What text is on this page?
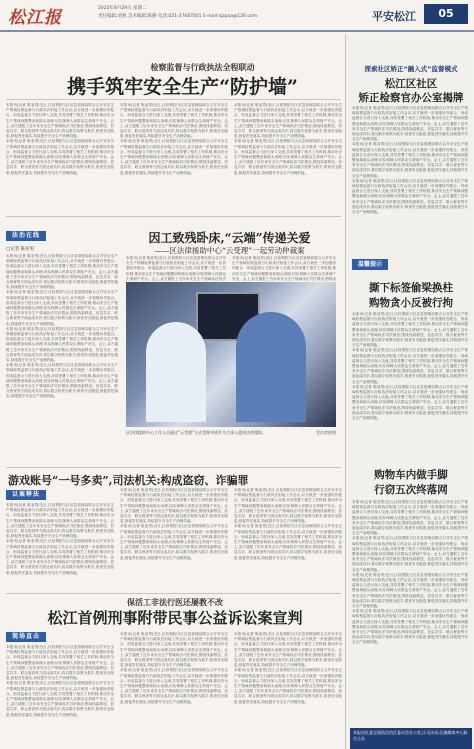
松江报	2023年8月29日 星期二
责任编辑:刘燕 美术编辑:陈静 电话:021-37687001 E-mail:sjzpaa@126.com	平安松江	05
检察监督与行政执法全程联动
携手筑牢安全生产“防护墙”
本报讯(记者 陈亚男)近日,区检察院与区应急管理局联合召开安全生产领域检察监督与行政执法衔接工作会议,双方就进一步加强协作配合、形成监督合力进行深入交流,共同签署了相关工作机制,推动安全生产领域问题整治和源头治理,切实保障人民群众生命财产安全。会上,双方通报了近年来安全生产领域执法司法情况,围绕线索移送、信息共享、联合督查等方面达成共识,将以数字检察为抓手,排查安全隐患,督促责任落实,持续提升安全生产治理效能。
本报讯(记者 陈亚男)近日,区检察院与区应急管理局联合召开安全生产领域检察监督与行政执法衔接工作会议,双方就进一步加强协作配合、形成监督合力进行深入交流,共同签署了相关工作机制,推动安全生产领域问题整治和源头治理,切实保障人民群众生命财产安全。会上,双方通报了近年来安全生产领域执法司法情况,围绕线索移送、信息共享、联合督查等方面达成共识,将以数字检察为抓手,排查安全隐患,督促责任落实,持续提升安全生产治理效能。
本报讯(记者 陈亚男)近日,区检察院与区应急管理局联合召开安全生产领域检察监督与行政执法衔接工作会议,双方就进一步加强协作配合、形成监督合力进行深入交流,共同签署了相关工作机制,推动安全生产领域问题整治和源头治理,切实保障人民群众生命财产安全。会上,双方通报了近年来安全生产领域执法司法情况,围绕线索移送、信息共享、联合督查等方面达成共识,将以数字检察为抓手,排查安全隐患,督促责任落实,持续提升安全生产治理效能。
本报讯(记者 陈亚男)近日,区检察院与区应急管理局联合召开安全生产领域检察监督与行政执法衔接工作会议,双方就进一步加强协作配合、形成监督合力进行深入交流,共同签署了相关工作机制,推动安全生产领域问题整治和源头治理,切实保障人民群众生命财产安全。会上,双方通报了近年来安全生产领域执法司法情况,围绕线索移送、信息共享、联合督查等方面达成共识,将以数字检察为抓手,排查安全隐患,督促责任落实,持续提升安全生产治理效能。
本报讯(记者 陈亚男)近日,区检察院与区应急管理局联合召开安全生产领域检察监督与行政执法衔接工作会议,双方就进一步加强协作配合、形成监督合力进行深入交流,共同签署了相关工作机制,推动安全生产领域问题整治和源头治理,切实保障人民群众生命财产安全。会上,双方通报了近年来安全生产领域执法司法情况,围绕线索移送、信息共享、联合督查等方面达成共识,将以数字检察为抓手,排查安全隐患,督促责任落实,持续提升安全生产治理效能。
本报讯(记者 陈亚男)近日,区检察院与区应急管理局联合召开安全生产领域检察监督与行政执法衔接工作会议,双方就进一步加强协作配合、形成监督合力进行深入交流,共同签署了相关工作机制,推动安全生产领域问题整治和源头治理,切实保障人民群众生命财产安全。会上,双方通报了近年来安全生产领域执法司法情况,围绕线索移送、信息共享、联合督查等方面达成共识,将以数字检察为抓手,排查安全隐患,督促责任落实,持续提升安全生产治理效能。
法治在线	因工致残卧床,“云端”传递关爱
——区法律援助中心“云受理”一起劳动仲裁案
□记者 陈亚男
本报讯(记者 陈亚男)近日,区检察院与区应急管理局联合召开安全生产领域检察监督与行政执法衔接工作会议,双方就进一步加强协作配合、形成监督合力进行深入交流,共同签署了相关工作机制,推动安全生产领域问题整治和源头治理,切实保障人民群众生命财产安全。会上,双方通报了近年来安全生产领域执法司法情况,围绕线索移送、信息共享、联合督查等方面达成共识,将以数字检察为抓手,排查安全隐患,督促责任落实,持续提升安全生产治理效能。
本报讯(记者 陈亚男)近日,区检察院与区应急管理局联合召开安全生产领域检察监督与行政执法衔接工作会议,双方就进一步加强协作配合、形成监督合力进行深入交流,共同签署了相关工作机制,推动安全生产领域问题整治和源头治理,切实保障人民群众生命财产安全。会上,双方通报了近年来安全生产领域执法司法情况,围绕线索移送、信息共享、联合督查等方面达成共识,将以数字检察为抓手,排查安全隐患,督促责任落实,持续提升安全生产治理效能。
本报讯(记者 陈亚男)近日,区检察院与区应急管理局联合召开安全生产领域检察监督与行政执法衔接工作会议,双方就进一步加强协作配合、形成监督合力进行深入交流,共同签署了相关工作机制,推动安全生产领域问题整治和源头治理,切实保障人民群众生命财产安全。会上,双方通报了近年来安全生产领域执法司法情况,围绕线索移送、信息共享、联合督查等方面达成共识,将以数字检察为抓手,排查安全隐患,督促责任落实,持续提升安全生产治理效能。
本报讯(记者 陈亚男)近日,区检察院与区应急管理局联合召开安全生产领域检察监督与行政执法衔接工作会议,双方就进一步加强协作配合、形成监督合力进行深入交流,共同签署了相关工作机制,推动安全生产领域问题整治和源头治理,切实保障人民群众生命财产安全。会上,双方通报了近年来安全生产领域执法司法情况,围绕线索移送、信息共享、联合督查等方面达成共识,将以数字检察为抓手,排查安全隐患,督促责任落实,持续提升安全生产治理效能。
本报讯(记者 陈亚男)近日,区检察院与区应急管理局联合召开安全生产领域检察监督与行政执法衔接工作会议,双方就进一步加强协作配合、形成监督合力进行深入交流,共同签署了相关工作机制,推动安全生产领域问题整治和源头治理,切实保障人民群众生命财产安全。会上,双方通报了近年来安全生产领域执法司法
本报讯(记者 陈亚男)近日,区检察院与区应急管理局联合召开安全生产领域检察监督与行政执法衔接工作会议,双方就进一步加强协作配合、形成监督合力进行深入交流,共同签署了相关工作机制,推动安全生产领域问题整治和源头治理,切实保障人民群众生命财产安全。会上,双方通报了近年来安全生产领域执法司法情况,围绕线
区法律援助中心工作人员通过“云受理”方式受理申请并为当事人提供法律援助。	受访者供图
游戏账号“一号多卖”,司法机关:构成盗窃、诈骗罪
以案释法
本报讯(记者 陈亚男)近日,区检察院与区应急管理局联合召开安全生产领域检察监督与行政执法衔接工作会议,双方就进一步加强协作配合、形成监督合力进行深入交流,共同签署了相关工作机制,推动安全生产领域问题整治和源头治理,切实保障人民群众生命财产安全。会上,双方通报了近年来安全生产领域执法司法情况,围绕线索移送、信息共享、联合督查等方面达成共识,将以数字检察为抓手,排查安全隐患,督促责任落实,持续提升安全生产治理效能。
本报讯(记者 陈亚男)近日,区检察院与区应急管理局联合召开安全生产领域检察监督与行政执法衔接工作会议,双方就进一步加强协作配合、形成监督合力进行深入交流,共同签署了相关工作机制,推动安全生产领域问题整治和源头治理,切实保障人民群众生命财产安全。会上,双方通报了近年来安全生产领域执法司法情况,围绕线索移送、信息共享、联合督查等方面达成共识,将以数字检察为抓手,排查安全隐患,督促责任落实,持续提升安全生产治理效能。
本报讯(记者 陈亚男)近日,区检察院与区应急管理局联合召开安全生产领域检察监督与行政执法衔接工作会议,双方就进一步加强协作配合、形成监督合力进行深入交流,共同签署了相关工作机制,推动安全生产领域问题整治和源头治理,切实保障人民群众生命财产安全。会上,双方通报了近年来安全生产领域执法司法情况,围绕线索移送、信息共享、联合督查等方面达成共识,将以数字检察为抓手,排查安全隐患,督促责任落实,持续提升安全生产治理效能。
本报讯(记者 陈亚男)近日,区检察院与区应急管理局联合召开安全生产领域检察监督与行政执法衔接工作会议,双方就进一步加强协作配合、形成监督合力进行深入交流,共同签署了相关工作机制,推动安全生产领域问题整治和源头治理,切实保障人民群众生命财产安全。会上,双方通报了近年来安全生产领域执法司法情况,围绕线索移送、信息共享、联合督查等方面达成共识,将以数字检察为抓手,排查安全隐患,督促责任落实,持续提升安全生产治理效能。
本报讯(记者 陈亚男)近日,区检察院与区应急管理局联合召开安全生产领域检察监督与行政执法衔接工作会议,双方就进一步加强协作配合、形成监督合力进行深入交流,共同签署了相关工作机制,推动安全生产领域问题整治和源头治理,切实保障人民群众生命财产安全。会上,双方通报了近年来安全生产领域执法司法情况,围绕线索移送、信息共享、联合督查等方面达成共识,将以数字检察为抓手,排查安全隐患,督促责任落实,持续提升安全生产治理效能。
本报讯(记者 陈亚男)近日,区检察院与区应急管理局联合召开安全生产领域检察监督与行政执法衔接工作会议,双方就进一步加强协作配合、形成监督合力进行深入交流,共同签署了相关工作机制,推动安全生产领域问题整治和源头治理,切实保障人民群众生命财产安全。会上,双方通报了近年来安全生产领域执法司法情况,围绕线索移送、信息共享、联合督查等方面达成共识,将以数字检察为抓手,排查安全隐患,督促责任落实,持续提升安全生产治理效能。
保活工非法行医还屡教不改
松江首例刑事附带民事公益诉讼案宣判
现场直击
本报讯(记者 陈亚男)近日,区检察院与区应急管理局联合召开安全生产领域检察监督与行政执法衔接工作会议,双方就进一步加强协作配合、形成监督合力进行深入交流,共同签署了相关工作机制,推动安全生产领域问题整治和源头治理,切实保障人民群众生命财产安全。会上,双方通报了近年来安全生产领域执法司法情况,围绕线索移送、信息共享、联合督查等方面达成共识,将以数字检察为抓手,排查安全隐患,督促责任落实,持续提升安全生产治理效能。
本报讯(记者 陈亚男)近日,区检察院与区应急管理局联合召开安全生产领域检察监督与行政执法衔接工作会议,双方就进一步加强协作配合、形成监督合力进行深入交流,共同签署了相关工作机制,推动安全生产领域问题整治和源头治理,切实保障人民群众生命财产安全。会上,双方通报了近年来安全生产领域执法司法情况,围绕线索移送、信息共享、联合督查等方面达成共识,将以数字检察为抓手,排查安全隐患,督促责任落实,持续提升安全生产治理效能。
本报讯(记者 陈亚男)近日,区检察院与区应急管理局联合召开安全生产领域检察监督与行政执法衔接工作会议,双方就进一步加强协作配合、形成监督合力进行深入交流,共同签署了相关工作机制,推动安全生产领域问题整治和源头治理,切实保障人民群众生命财产安全。会上,双方通报了近年来安全生产领域执法司法情况,围绕线索移送、信息共享、联合督查等方面达成共识,将以数字检察为抓手,排查安全隐患,督促责任落实,持续提升安全生产治理效能。
本报讯(记者 陈亚男)近日,区检察院与区应急管理局联合召开安全生产领域检察监督与行政执法衔接工作会议,双方就进一步加强协作配合、形成监督合力进行深入交流,共同签署了相关工作机制,推动安全生产领域问题整治和源头治理,切实保障人民群众生命财产安全。会上,双方通报了近年来安全生产领域执法司法情况,围绕线索移送、信息共享、联合督查等方面达成共识,将以数字检察为抓手,排查安全隐患,督促责任落实,持续提升安全生产治理效能。
本报讯(记者 陈亚男)近日,区检察院与区应急管理局联合召开安全生产领域检察监督与行政执法衔接工作会议,双方就进一步加强协作配合、形成监督合力进行深入交流,共同签署了相关工作机制,推动安全生产领域问题整治和源头治理,切实保障人民群众生命财产安全。会上,双方通报了近年来安全生产领域执法司法情况,围绕线索移送、信息共享、联合督查等方面达成共识,将以数字检察为抓手,排查安全隐患,督促责任落实,持续提升安全生产治理效能。
本报讯(记者 陈亚男)近日,区检察院与区应急管理局联合召开安全生产领域检察监督与行政执法衔接工作会议,双方就进一步加强协作配合、形成监督合力进行深入交流,共同签署了相关工作机制,推动安全生产领域问题整治和源头治理,切实保障人民群众生命财产安全。会上,双方通报了近年来安全生产领域执法司法情况,围绕线索移送、信息共享、联合督查等方面达成共识,将以数字检察为抓手,排查安全隐患,督促责任落实,持续提升安全生产治理效能。
探索社区矫正“融入式”监督模式
松江区社区
矫正检察官办公室揭牌
本报讯(记者 陈亚男)近日,区检察院与区应急管理局联合召开安全生产领域检察监督与行政执法衔接工作会议,双方就进一步加强协作配合、形成监督合力进行深入交流,共同签署了相关工作机制,推动安全生产领域问题整治和源头治理,切实保障人民群众生命财产安全。会上,双方通报了近年来安全生产领域执法司法情况,围绕线索移送、信息共享、联合督查等方面达成共识,将以数字检察为抓手,排查安全隐患,督促责任落实,持续提升安全生产治理效能。
本报讯(记者 陈亚男)近日,区检察院与区应急管理局联合召开安全生产领域检察监督与行政执法衔接工作会议,双方就进一步加强协作配合、形成监督合力进行深入交流,共同签署了相关工作机制,推动安全生产领域问题整治和源头治理,切实保障人民群众生命财产安全。会上,双方通报了近年来安全生产领域执法司法情况,围绕线索移送、信息共享、联合督查等方面达成共识,将以数字检察为抓手,排查安全隐患,督促责任落实,持续提升安全生产治理效能。
本报讯(记者 陈亚男)近日,区检察院与区应急管理局联合召开安全生产领域检察监督与行政执法衔接工作会议,双方就进一步加强协作配合、形成监督合力进行深入交流,共同签署了相关工作机制,推动安全生产领域问题整治和源头治理,切实保障人民群众生命财产安全。会上,双方通报了近年来安全生产领域执法司法情况,围绕线索移送、信息共享、联合督查等方面达成共识,将以数字检察为抓手,排查安全隐患,督促责任落实,持续提升安全生产治理效能。
温馨提示
撕下标签偷梁换柱
购物贪小反被行拘
本报讯(记者 陈亚男)近日,区检察院与区应急管理局联合召开安全生产领域检察监督与行政执法衔接工作会议,双方就进一步加强协作配合、形成监督合力进行深入交流,共同签署了相关工作机制,推动安全生产领域问题整治和源头治理,切实保障人民群众生命财产安全。会上,双方通报了近年来安全生产领域执法司法情况,围绕线索移送、信息共享、联合督查等方面达成共识,将以数字检察为抓手,排查安全隐患,督促责任落实,持续提升安全生产治理效能。
本报讯(记者 陈亚男)近日,区检察院与区应急管理局联合召开安全生产领域检察监督与行政执法衔接工作会议,双方就进一步加强协作配合、形成监督合力进行深入交流,共同签署了相关工作机制,推动安全生产领域问题整治和源头治理,切实保障人民群众生命财产安全。会上,双方通报了近年来安全生产领域执法司法情况,围绕线索移送、信息共享、联合督查等方面达成共识,将以数字检察为抓手,排查安全隐患,督促责任落实,持续提升安全生产治理效能。
本报讯(记者 陈亚男)近日,区检察院与区应急管理局联合召开安全生产领域检察监督与行政执法衔接工作会议,双方就进一步加强协作配合、形成监督合力进行深入交流,共同签署了相关工作机制,推动安全生产领域问题整治和源头治理,切实保障人民群众生命财产安全。会上,双方通报了近年来安全生产领域执法司法情况,围绕线索移送、信息共享、联合督查等方面达成共识,将以数字检察为抓手,排查安全隐患,督促责任落实,持续提升安全生产治理效能。
购物车内做手脚
行窃五次终落网
本报讯(记者 陈亚男)近日,区检察院与区应急管理局联合召开安全生产领域检察监督与行政执法衔接工作会议,双方就进一步加强协作配合、形成监督合力进行深入交流,共同签署了相关工作机制,推动安全生产领域问题整治和源头治理,切实保障人民群众生命财产安全。会上,双方通报了近年来安全生产领域执法司法情况,围绕线索移送、信息共享、联合督查等方面达成共识,将以数字检察为抓手,排查安全隐患,督促责任落实,持续提升安全生产治理效能。
本报讯(记者 陈亚男)近日,区检察院与区应急管理局联合召开安全生产领域检察监督与行政执法衔接工作会议,双方就进一步加强协作配合、形成监督合力进行深入交流,共同签署了相关工作机制,推动安全生产领域问题整治和源头治理,切实保障人民群众生命财产安全。会上,双方通报了近年来安全生产领域执法司法情况,围绕线索移送、信息共享、联合督查等方面达成共识,将以数字检察为抓手,排查安全隐患,督促责任落实,持续提升安全生产治理效能。
本报讯(记者 陈亚男)近日,区检察院与区应急管理局联合召开安全生产领域检察监督与行政执法衔接工作会议,双方就进一步加强协作配合、形成监督合力进行深入交流,共同签署了相关工作机制,推动安全生产领域问题整治和源头治理,切实保障人民群众生命财产安全。会上,双方通报了近年来安全生产领域执法司法情况,围绕线索移送、信息共享、联合督查等方面达成共识,将以数字检察为抓手,排查安全隐患,督促责任落实,持续提升安全生产治理效能。
本报讯(记者 陈亚男)近日,区检察院与区应急管理局联合召开安全生产领域检察监督与行政执法衔接工作会议,双方就进一步加强协作配合、形成监督合力进行深入交流,共同签署了相关工作机制,推动安全生产领域问题整治和源头治理,切实保障人民群众生命财产安全。会上,双方通报了近年来安全生产领域执法司法情况,围绕线索移送、信息共享、联合督查等方面达成共识,将以数字检察为抓手,排查安全隐患,督促责任落实,持续提升安全生产治理效能。
本报由区委全面依法治区委员会办公室,区司法局,区融媒体中心联合主办
